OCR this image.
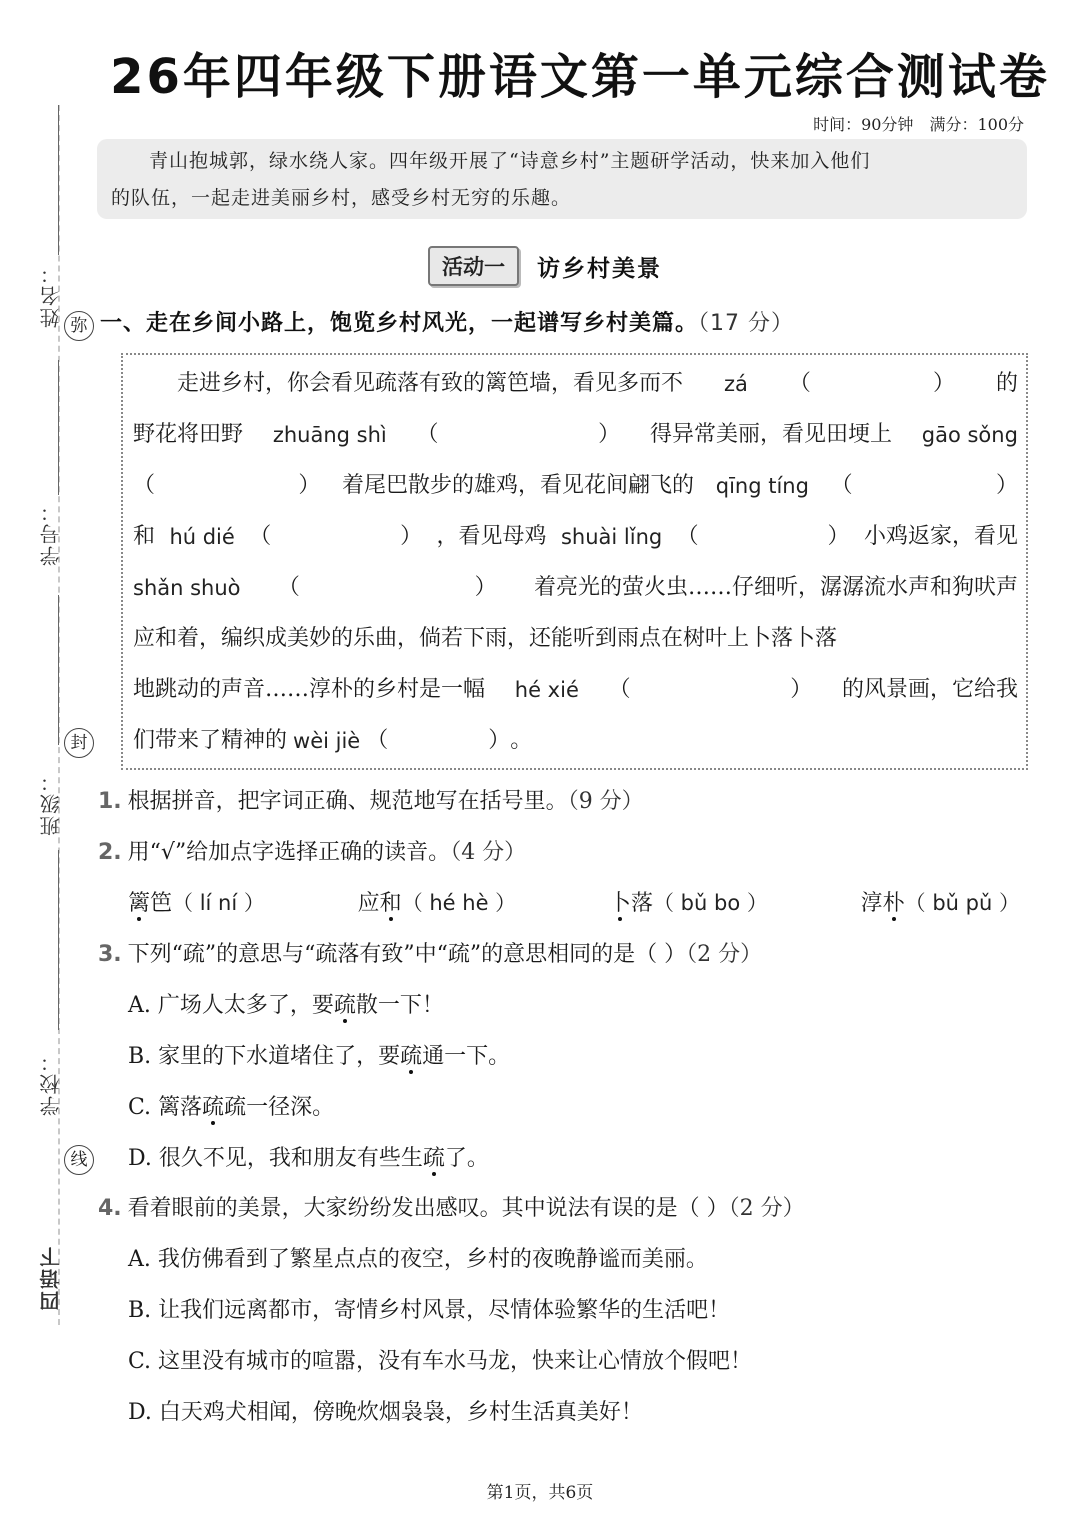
姓名： 弥
学号：
封
班级：
学校：
线
四语下
26年四年级下册语文第一单元综合测试卷
时间：90分钟　 满分：100分

青山抱城郭，绿水绕人家。四年级开展了“诗意乡村”主题研学活动，快来加入他们

的队伍，一起走进美丽乡村，感受乡村无穷的乐趣。
活动一	访乡村美景
一、走在乡间小路上，饱览乡村风光，一起谱写乡村美篇。（17 分）
走进乡村，你会看见疏落有致的篱笆墙，看见多而不 zá （	） 的
野花将田野 zhuāng shì （	） 得异常美丽，看见田埂上 gāo sǒng
（	） 着尾巴散步的雄鸡，看见花间翩飞的 qīng tíng （	）
和 hú dié （	） ，看见母鸡 shuài lǐng （	） 小鸡返家，看见
shǎn shuò （	） 着亮光的萤火虫……仔细听，潺潺流水声和狗吠声
应和着，编织成美妙的乐曲，倘若下雨，还能听到雨点在树叶上卜落卜落
地跳动的声音……淳朴的乡村是一幅 hé xié （	） 的风景画，它给我
们带来了精神的 wèi jiè （	） 。
1. 根据拼音，把字词正确、规范地写在括号里。（9 分）
2. 用“√”给加点字选择正确的读音。（4 分）
篱笆（ lí ní ）	应和（ hé hè ）	卜落（ bǔ bo ）	淳朴（ bǔ pǔ ）
3. 下列“疏”的意思与“疏落有致”中“疏”的意思相同的是（ ）（2 分）
A. 广场人太多了，要疏散一下！
B. 家里的下水道堵住了，要疏通一下。
C. 篱落疏疏一径深。
D. 很久不见，我和朋友有些生疏了。
4. 看着眼前的美景，大家纷纷发出感叹。其中说法有误的是（ ）（2 分）
A. 我仿佛看到了繁星点点的夜空，乡村的夜晚静谧而美丽。
B. 让我们远离都市，寄情乡村风景，尽情体验繁华的生活吧！
C. 这里没有城市的喧嚣，没有车水马龙，快来让心情放个假吧！
D. 白天鸡犬相闻，傍晚炊烟袅袅，乡村生活真美好！
第1页，共6页
